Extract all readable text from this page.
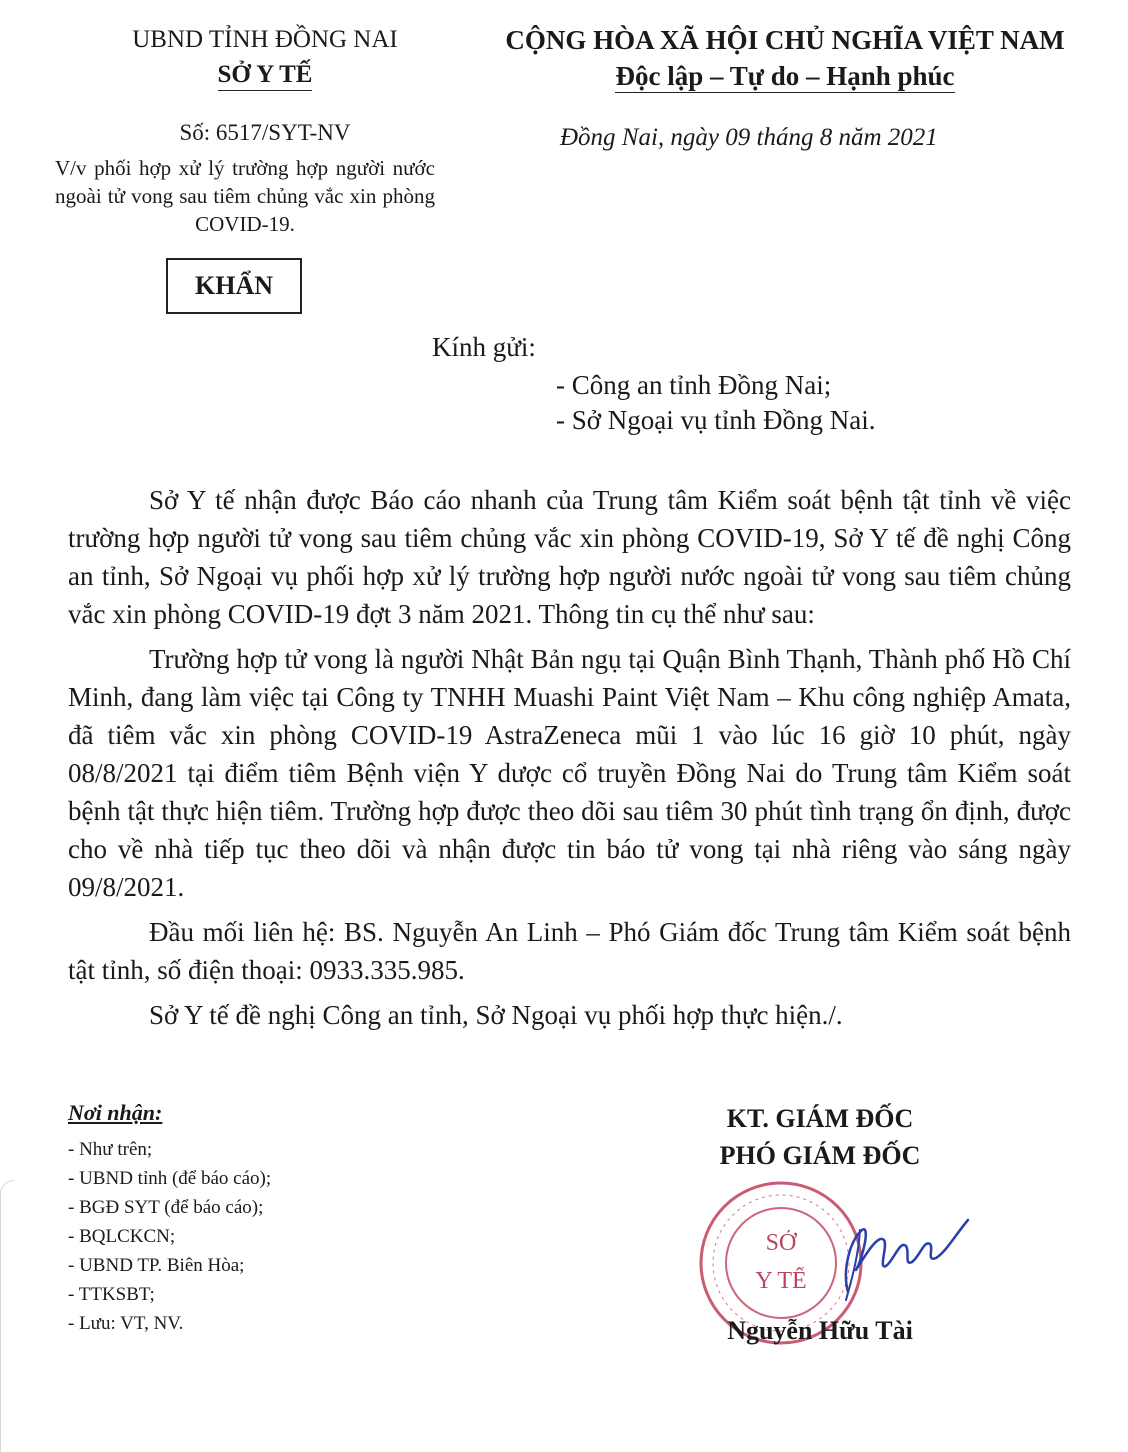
UBND TỈNH ĐỒNG NAI
SỞ Y TẾ
CỘNG HÒA XÃ HỘI CHỦ NGHĨA VIỆT NAM
Độc lập – Tự do – Hạnh phúc
Số: 6517/SYT-NV
V/v phối hợp xử lý trường hợp người nước ngoài tử vong sau tiêm chủng vắc xin phòng COVID-19.
Đồng Nai, ngày 09 tháng 8 năm 2021
KHẨN
Kính gửi:
- Công an tỉnh Đồng Nai;
- Sở Ngoại vụ tỉnh Đồng Nai.

Sở Y tế nhận được Báo cáo nhanh của Trung tâm Kiểm soát bệnh tật tỉnh về việc trường hợp người tử vong sau tiêm chủng vắc xin phòng COVID-19, Sở Y tế đề nghị Công an tỉnh, Sở Ngoại vụ phối hợp xử lý trường hợp người nước ngoài tử vong sau tiêm chủng vắc xin phòng COVID-19 đợt 3 năm 2021. Thông tin cụ thể như sau:

Trường hợp tử vong là người Nhật Bản ngụ tại Quận Bình Thạnh, Thành phố Hồ Chí Minh, đang làm việc tại Công ty TNHH Muashi Paint Việt Nam – Khu công nghiệp Amata, đã tiêm vắc xin phòng COVID-19 AstraZeneca mũi 1 vào lúc 16 giờ 10 phút, ngày 08/8/2021 tại điểm tiêm Bệnh viện Y dược cổ truyền Đồng Nai do Trung tâm Kiểm soát bệnh tật thực hiện tiêm. Trường hợp được theo dõi sau tiêm 30 phút tình trạng ổn định, được cho về nhà tiếp tục theo dõi và nhận được tin báo tử vong tại nhà riêng vào sáng ngày 09/8/2021.

Đầu mối liên hệ: BS. Nguyễn An Linh – Phó Giám đốc Trung tâm Kiểm soát bệnh tật tỉnh, số điện thoại: 0933.335.985.

Sở Y tế đề nghị Công an tỉnh, Sở Ngoại vụ phối hợp thực hiện./.

Nơi nhận:
- Như trên;
- UBND tỉnh (để báo cáo);
- BGĐ SYT (để báo cáo);
- BQLCKCN;
- UBND TP. Biên Hòa;
- TTKSBT;
- Lưu: VT, NV.
KT. GIÁM ĐỐC
PHÓ GIÁM ĐỐC
SỞ
Y TẾ
Nguyễn Hữu Tài
